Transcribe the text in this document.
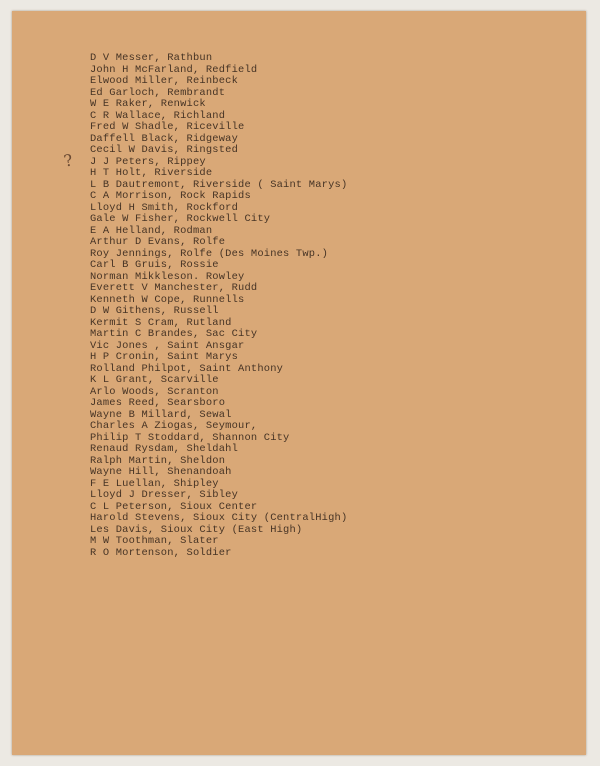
?
D V Messer, Rathbun
John H McFarland, Redfield
Elwood Miller, Reinbeck
Ed Garloch, Rembrandt
W E Raker, Renwick
C R Wallace, Richland
Fred W Shadle, Riceville
Daffell Black, Ridgeway
Cecil W Davis, Ringsted
J J Peters, Rippey
H T Holt, Riverside
L B Dautremont, Riverside ( Saint Marys)
C A Morrison, Rock Rapids
Lloyd H Smith, Rockford
Gale W Fisher, Rockwell City
E A Helland, Rodman
Arthur D Evans, Rolfe
Roy Jennings, Rolfe (Des Moines Twp.)
Carl B Gruis, Rossie
Norman Mikkleson. Rowley
Everett V Manchester, Rudd
Kenneth W Cope, Runnells
D W Githens, Russell
Kermit S Cram, Rutland
Martin C Brandes, Sac City
Vic Jones , Saint Ansgar
H P Cronin, Saint Marys
Rolland Philpot, Saint Anthony
K L Grant, Scarville
Arlo Woods, Scranton
James Reed, Searsboro
Wayne B Millard, Sewal
Charles A Ziogas, Seymour,
Philip T Stoddard, Shannon City
Renaud Rysdam, Sheldahl
Ralph Martin, Sheldon
Wayne Hill, Shenandoah
F E Luellan, Shipley
Lloyd J Dresser, Sibley
C L Peterson, Sioux Center
Harold Stevens, Sioux City (CentralHigh)
Les Davis, Sioux City (East High)
M W Toothman, Slater
R O Mortenson, Soldier
